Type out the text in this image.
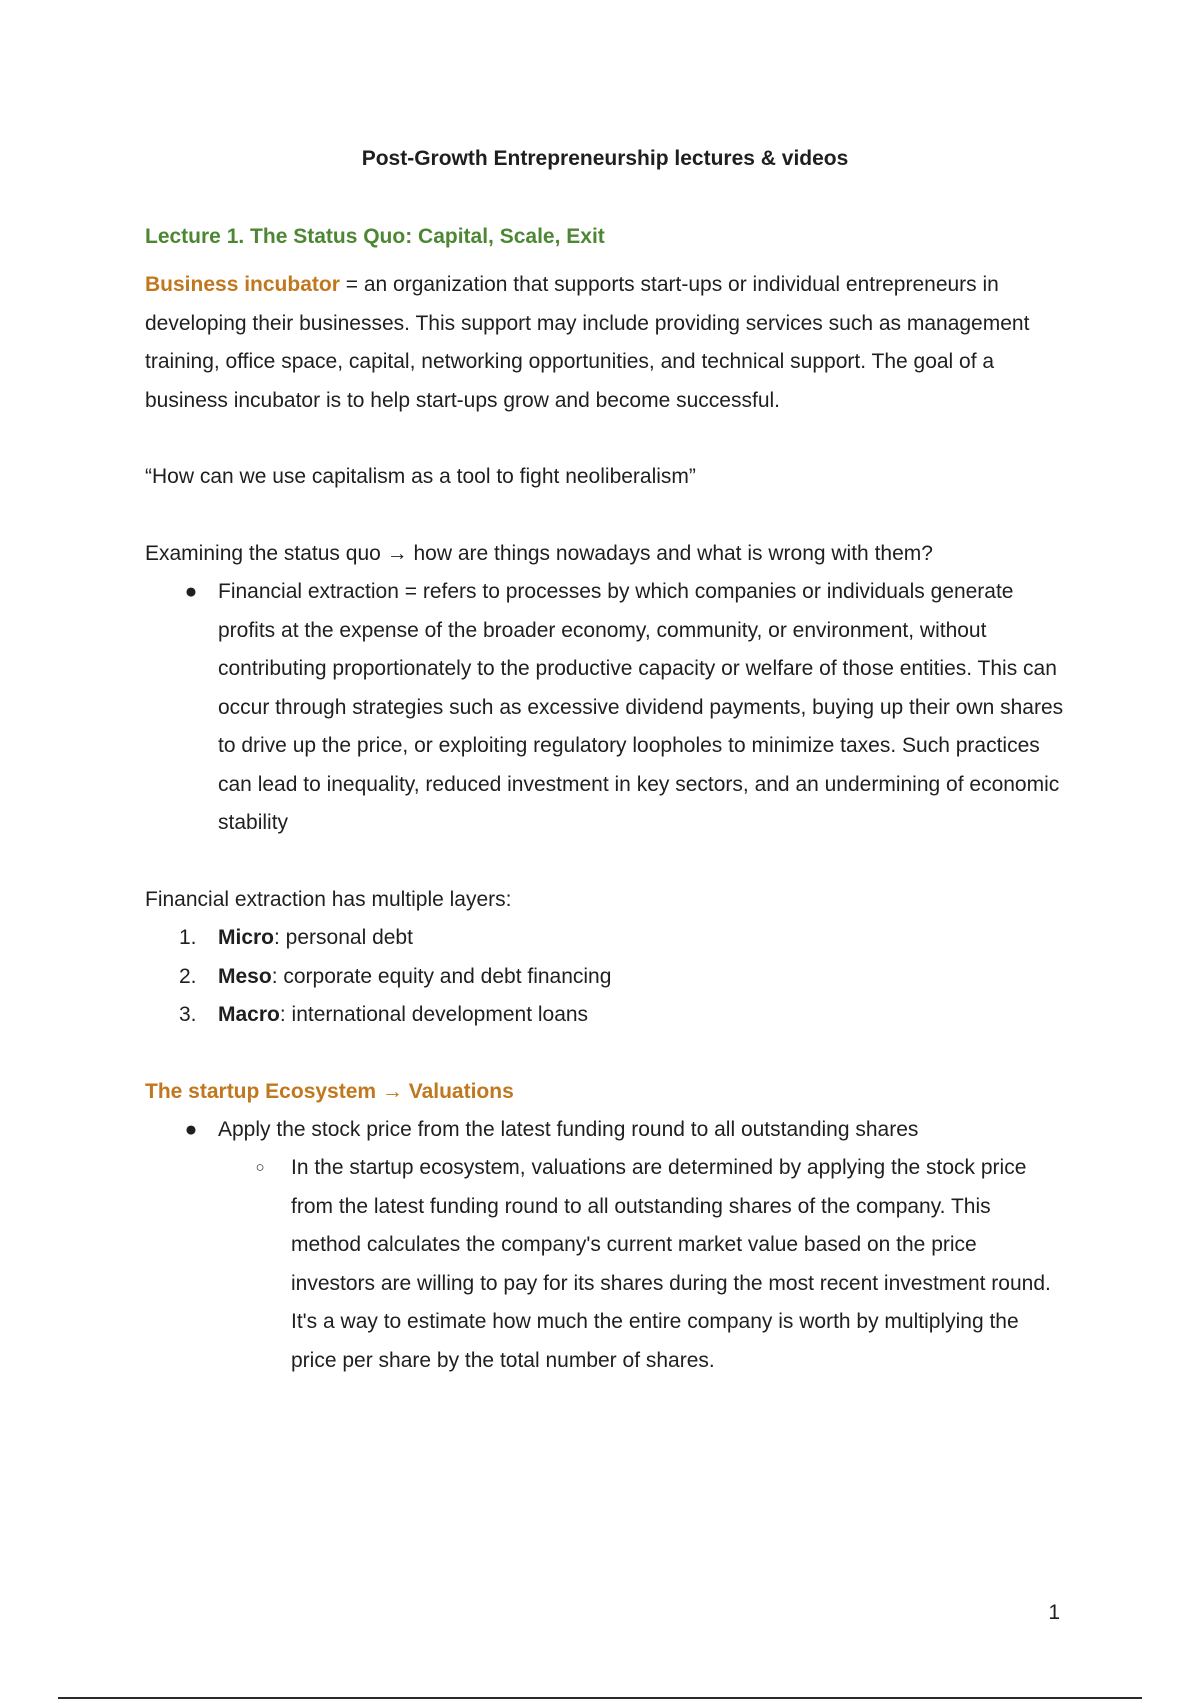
Post-Growth Entrepreneurship lectures & videos
Lecture 1. The Status Quo: Capital, Scale, Exit

Business incubator = an organization that supports start-ups or individual entrepreneurs in developing their businesses. This support may include providing services such as management training, office space, capital, networking opportunities, and technical support. The goal of a business incubator is to help start-ups grow and become successful.

“How can we use capitalism as a tool to fight neoliberalism”

Examining the status quo → how are things nowadays and what is wrong with them?

● Financial extraction = refers to processes by which companies or individuals generate profits at the expense of the broader economy, community, or environment, without contributing proportionately to the productive capacity or welfare of those entities. This can occur through strategies such as excessive dividend payments, buying up their own shares to drive up the price, or exploiting regulatory loopholes to minimize taxes. Such practices can lead to inequality, reduced investment in key sectors, and an undermining of economic stability

Financial extraction has multiple layers:

1.	Micro: personal debt
2.	Meso: corporate equity and debt financing
3.	Macro: international development loans
The startup Ecosystem → Valuations
● Apply the stock price from the latest funding round to all outstanding shares
○ In the startup ecosystem, valuations are determined by applying the stock price from the latest funding round to all outstanding shares of the company. This method calculates the company's current market value based on the price investors are willing to pay for its shares during the most recent investment round. It's a way to estimate how much the entire company is worth by multiplying the price per share by the total number of shares.
1
